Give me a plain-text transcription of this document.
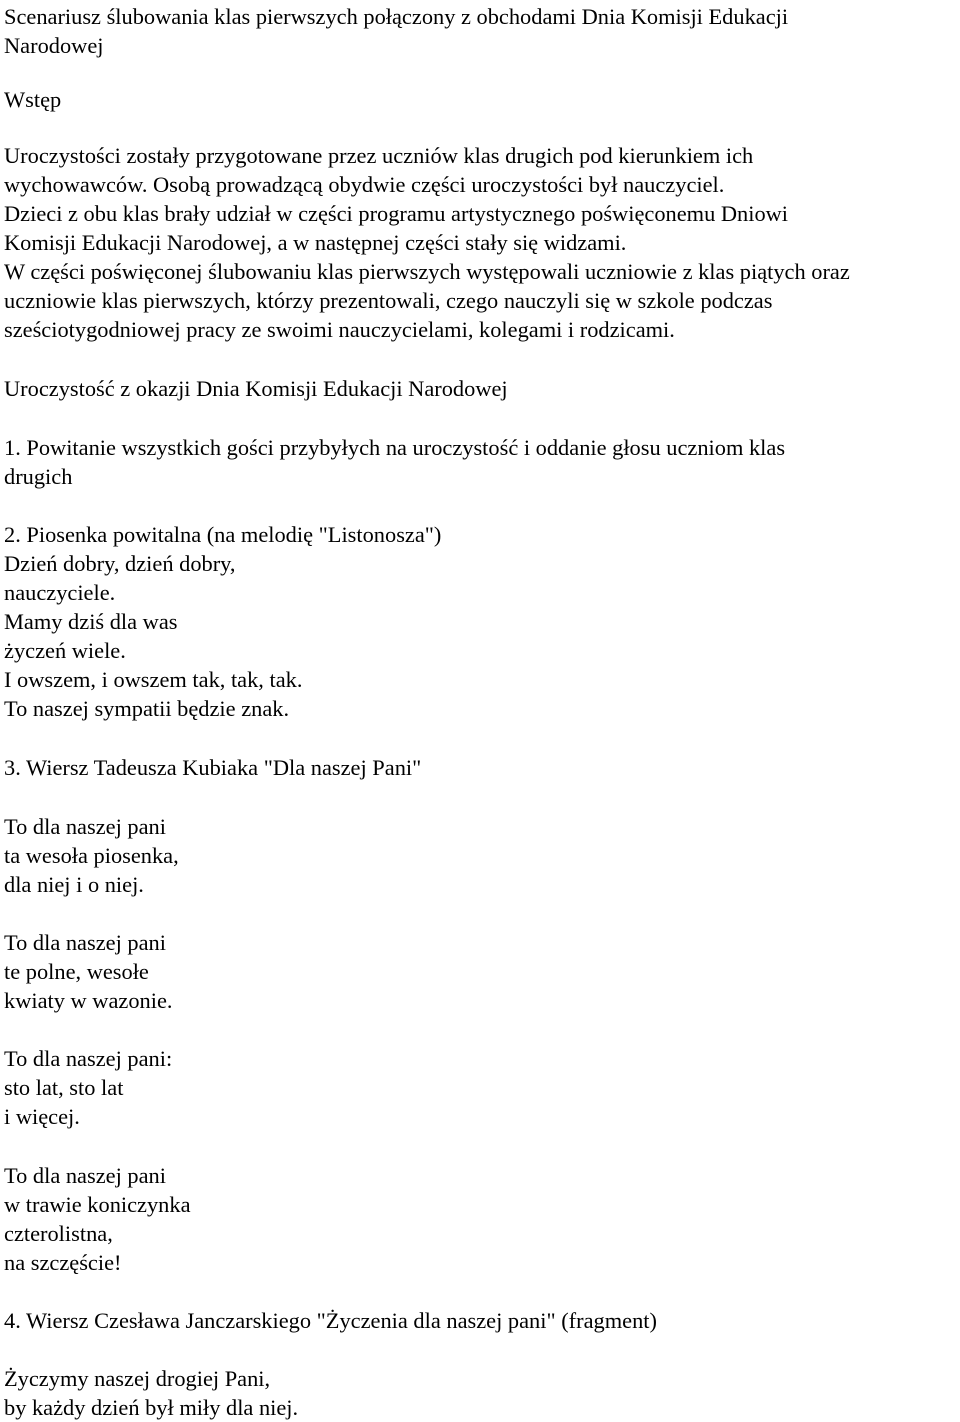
Scenariusz ślubowania klas pierwszych połączony z obchodami Dnia Komisji Edukacji
Narodowej
Wstęp
Uroczystości zostały przygotowane przez uczniów klas drugich pod kierunkiem ich
wychowawców. Osobą prowadzącą obydwie części uroczystości był nauczyciel.
Dzieci z obu klas brały udział w części programu artystycznego poświęconemu Dniowi
Komisji Edukacji Narodowej, a w następnej części stały się widzami.
W części poświęconej ślubowaniu klas pierwszych występowali uczniowie z klas piątych oraz
uczniowie klas pierwszych, którzy prezentowali, czego nauczyli się w szkole podczas
sześciotygodniowej pracy ze swoimi nauczycielami, kolegami i rodzicami.
Uroczystość z okazji Dnia Komisji Edukacji Narodowej
1. Powitanie wszystkich gości przybyłych na uroczystość i oddanie głosu uczniom klas
drugich
2. Piosenka powitalna (na melodię "Listonosza")
Dzień dobry, dzień dobry,
nauczyciele.
Mamy dziś dla was
życzeń wiele.
I owszem, i owszem tak, tak, tak.
To naszej sympatii będzie znak.
3. Wiersz Tadeusza Kubiaka "Dla naszej Pani"
To dla naszej pani
ta wesoła piosenka,
dla niej i o niej.
To dla naszej pani
te polne, wesołe
kwiaty w wazonie.
To dla naszej pani:
sto lat, sto lat
i więcej.
To dla naszej pani
w trawie koniczynka
czterolistna,
na szczęście!
4. Wiersz Czesława Janczarskiego "Życzenia dla naszej pani" (fragment)
Życzymy naszej drogiej Pani,
by każdy dzień był miły dla niej.
